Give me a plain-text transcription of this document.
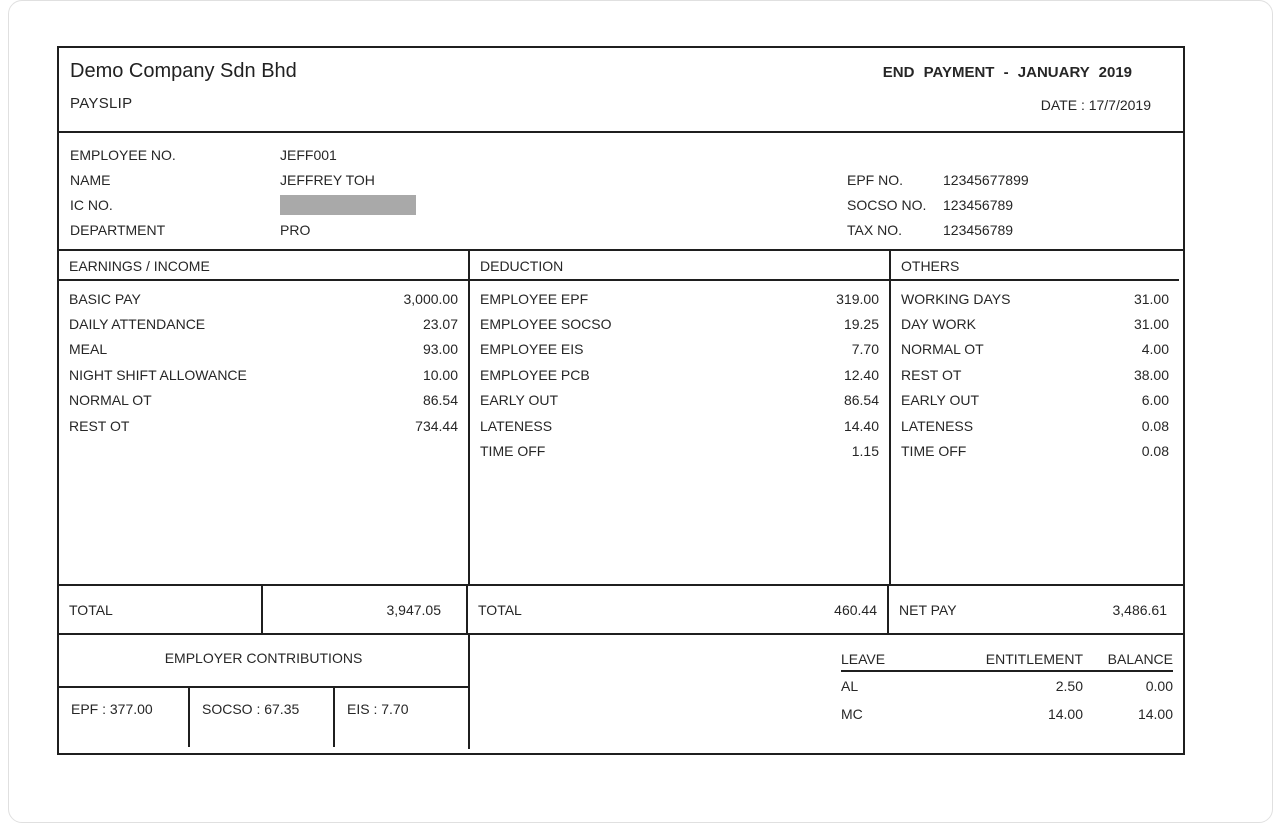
Demo Company Sdn Bhd
PAYSLIP
END PAYMENT - JANUARY 2019
DATE : 17/7/2019
EMPLOYEE NO.	JEFF001
NAME	JEFFREY TOH
IC NO.
DEPARTMENT	PRO
EPF NO.	12345677899
SOCSO NO.	123456789
TAX NO.	123456789
EARNINGS / INCOME
BASIC PAY	3,000.00
DAILY ATTENDANCE	23.07
MEAL	93.00
NIGHT SHIFT ALLOWANCE	10.00
NORMAL OT	86.54
REST OT	734.44
DEDUCTION
EMPLOYEE EPF	319.00
EMPLOYEE SOCSO	19.25
EMPLOYEE EIS	7.70
EMPLOYEE PCB	12.40
EARLY OUT	86.54
LATENESS	14.40
TIME OFF	1.15
OTHERS
WORKING DAYS	31.00
DAY WORK	31.00
NORMAL OT	4.00
REST OT	38.00
EARLY OUT	6.00
LATENESS	0.08
TIME OFF	0.08
TOTAL	3,947.05	TOTAL	460.44 NET PAY	3,486.61
EMPLOYER CONTRIBUTIONS
EPF : 377.00	SOCSO : 67.35	EIS : 7.70
LEAVE	ENTITLEMENT	BALANCE
AL	2.50	0.00
MC	14.00	14.00
